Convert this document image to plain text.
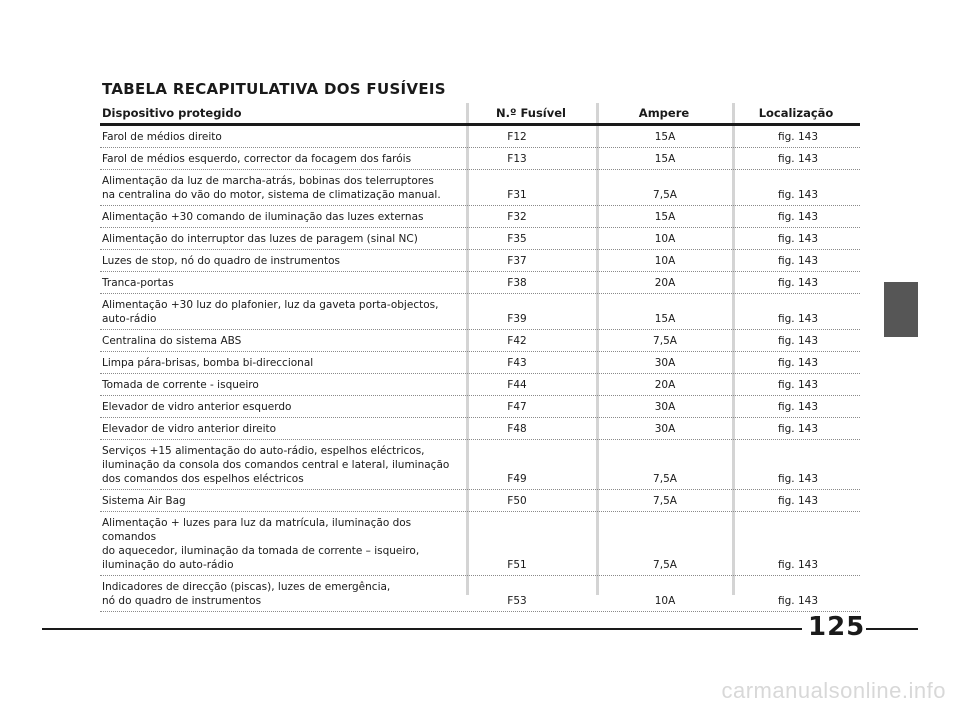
TABELA RECAPITULATIVA DOS FUSÍVEIS
Dispositivo protegido	N.º Fusível	Ampere	Localização
Farol de médios direito	F12	15A	fig. 143
Farol de médios esquerdo, corrector da focagem dos faróis	F13	15A	fig. 143
Alimentação da luz de marcha-atrás, bobinas dos telerruptores
na centralina do vão do motor, sistema de climatização manual.	F31	7,5A	fig. 143
Alimentação +30 comando de iluminação das luzes externas	F32	15A	fig. 143
Alimentação do interruptor das luzes de paragem (sinal NC)	F35	10A	fig. 143
Luzes de stop, nó do quadro de instrumentos	F37	10A	fig. 143
Tranca-portas	F38	20A	fig. 143
Alimentação +30 luz do plafonier, luz da gaveta porta-objectos, auto-rádio	F39	15A	fig. 143
Centralina do sistema ABS	F42	7,5A	fig. 143
Limpa pára-brisas, bomba bi-direccional	F43	30A	fig. 143
Tomada de corrente - isqueiro	F44	20A	fig. 143
Elevador de vidro anterior esquerdo	F47	30A	fig. 143
Elevador de vidro anterior direito	F48	30A	fig. 143
Serviços +15 alimentação do auto-rádio, espelhos eléctricos,
iluminação da consola dos comandos central e lateral, iluminação
dos comandos dos espelhos eléctricos	F49	7,5A	fig. 143
Sistema Air Bag	F50	7,5A	fig. 143
Alimentação + luzes para luz da matrícula, iluminação dos comandos
do aquecedor, iluminação da tomada de corrente – isqueiro,
iluminação do auto-rádio	F51	7,5A	fig. 143
Indicadores de direcção (piscas), luzes de emergência,
nó do quadro de instrumentos	F53	10A	fig. 143
125
carmanualsonline.info
